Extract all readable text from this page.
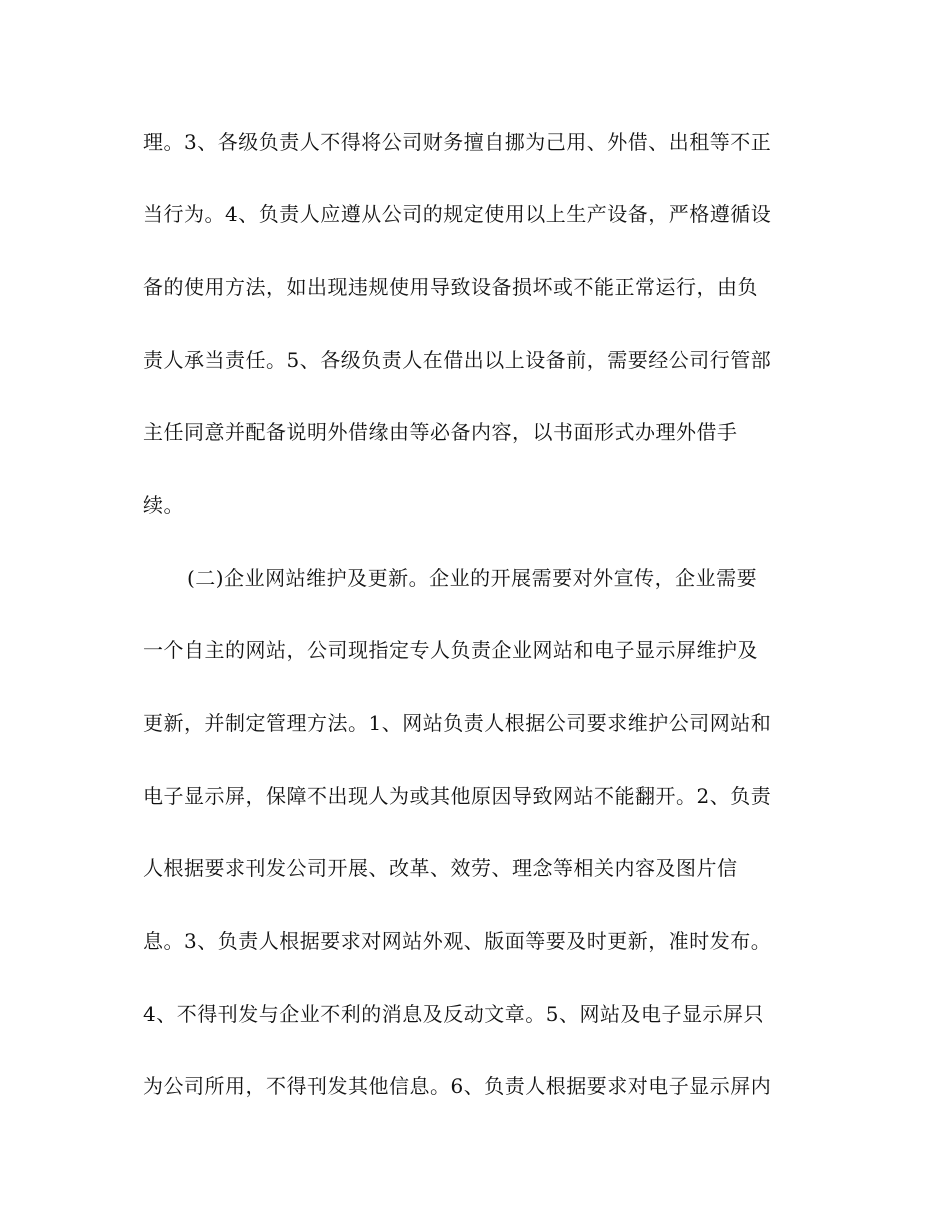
理。3、各级负责人不得将公司财务擅自挪为己用、外借、出租等不正
当行为。4、负责人应遵从公司的规定使用以上生产设备，严格遵循设
备的使用方法，如出现违规使用导致设备损坏或不能正常运行，由负
责人承当责任。5、各级负责人在借出以上设备前，需要经公司行管部
主任同意并配备说明外借缘由等必备内容，以书面形式办理外借手
续。
(二)企业网站维护及更新。企业的开展需要对外宣传，企业需要
一个自主的网站，公司现指定专人负责企业网站和电子显示屏维护及
更新，并制定管理方法。1、网站负责人根据公司要求维护公司网站和
电子显示屏，保障不出现人为或其他原因导致网站不能翻开。2、负责
人根据要求刊发公司开展、改革、效劳、理念等相关内容及图片信
息。3、负责人根据要求对网站外观、版面等要及时更新，准时发布。
4、不得刊发与企业不利的消息及反动文章。5、网站及电子显示屏只
为公司所用，不得刊发其他信息。6、负责人根据要求对电子显示屏内
